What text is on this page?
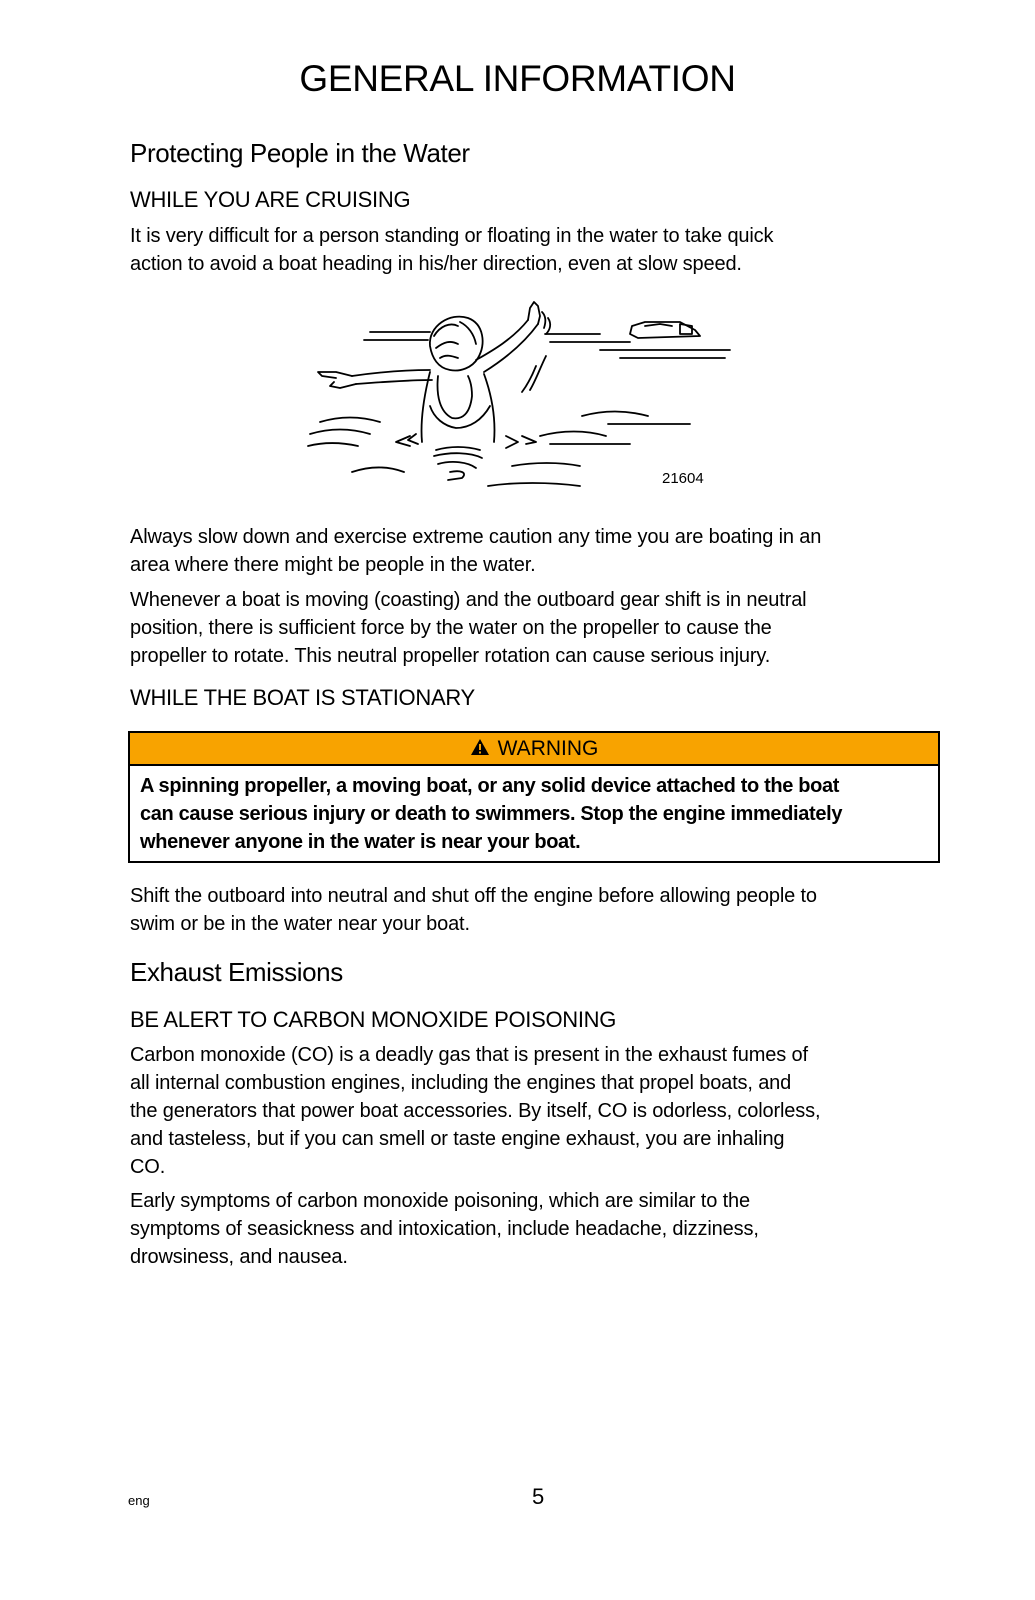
GENERAL INFORMATION
Protecting People in the Water
WHILE YOU ARE CRUISING
It is very difficult for a person standing or floating in the water to take quick
action to avoid a boat heading in his/her direction, even at slow speed.
21604
Always slow down and exercise extreme caution any time you are boating in an
area where there might be people in the water.
Whenever a boat is moving (coasting) and the outboard gear shift is in neutral
position, there is sufficient force by the water on the propeller to cause the
propeller to rotate. This neutral propeller rotation can cause serious injury.
WHILE THE BOAT IS STATIONARY
WARNING
A spinning propeller, a moving boat, or any solid device attached to the boat
can cause serious injury or death to swimmers. Stop the engine immediately
whenever anyone in the water is near your boat.
Shift the outboard into neutral and shut off the engine before allowing people to
swim or be in the water near your boat.
Exhaust Emissions
BE ALERT TO CARBON MONOXIDE POISONING
Carbon monoxide (CO) is a deadly gas that is present in the exhaust fumes of
all internal combustion engines, including the engines that propel boats, and
the generators that power boat accessories. By itself, CO is odorless, colorless,
and tasteless, but if you can smell or taste engine exhaust, you are inhaling
CO.
Early symptoms of carbon monoxide poisoning, which are similar to the
symptoms of seasickness and intoxication, include headache, dizziness,
drowsiness, and nausea.
eng	5
